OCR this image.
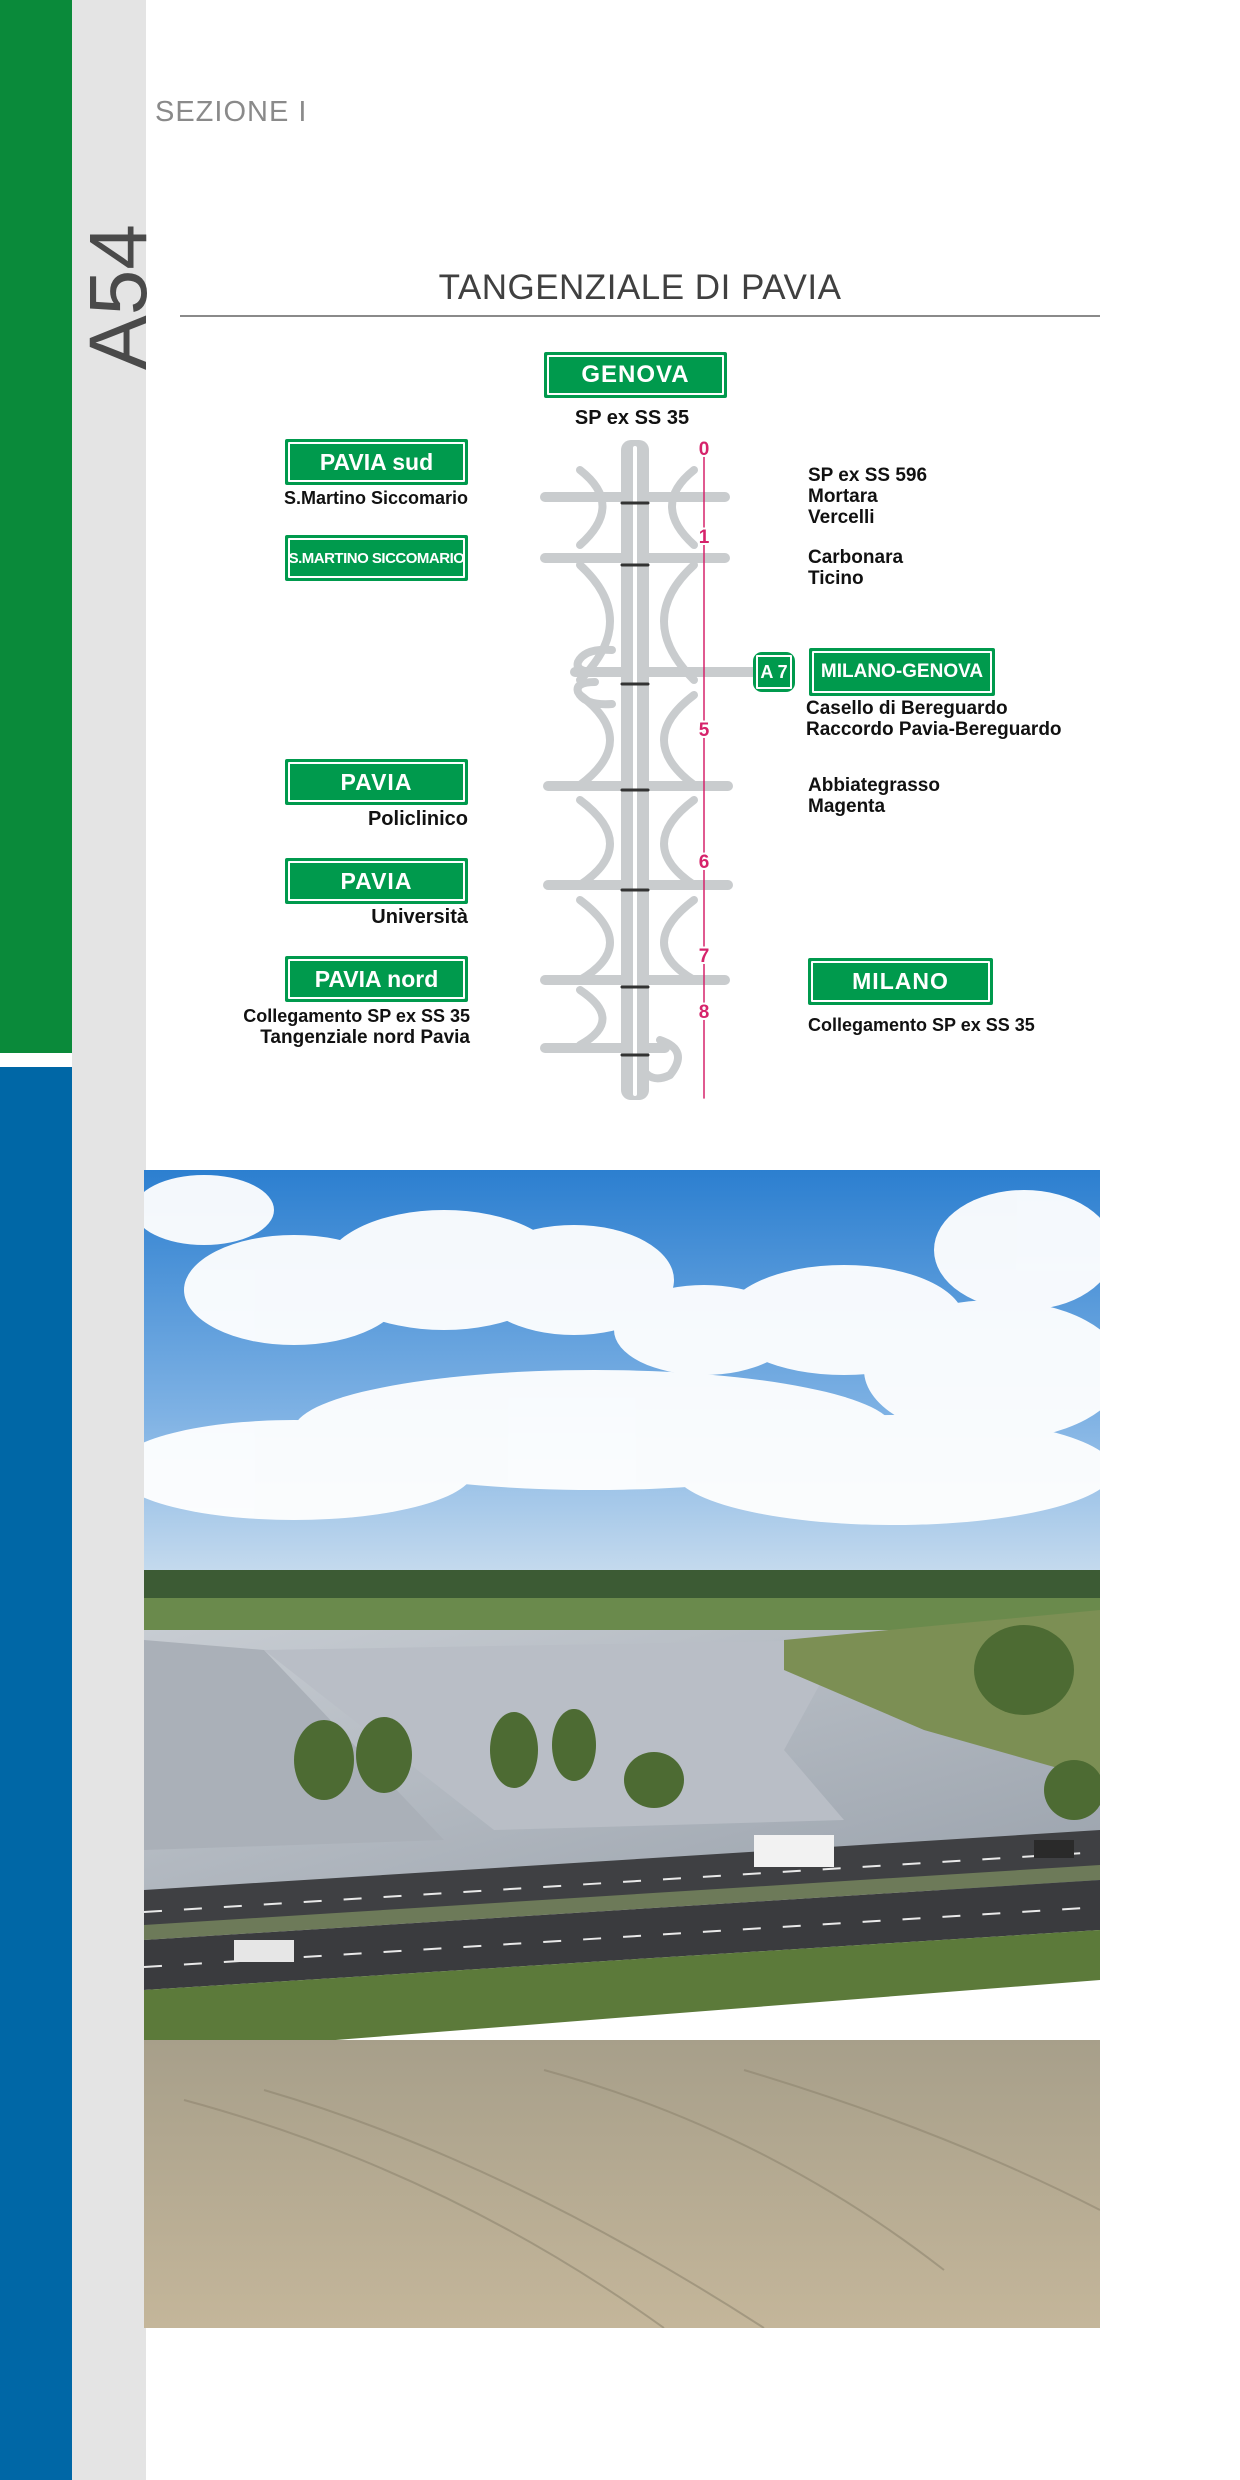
SEZIONE I
A54	TANGENZIALE DI PAVIA
0
1
5
6
7
8
GENOVA
SP ex SS 35
PAVIA sud
S.Martino Siccomario
S.MARTINO SICCOMARIO
SP ex SS 596
Mortara
Vercelli
Carbonara
Ticino
A 7 MILANO-GENOVA
Casello di Bereguardo
Raccordo Pavia-Bereguardo
PAVIA
Policlinico
Abbiategrasso
Magenta
PAVIA
Università
PAVIA nord
Collegamento SP ex SS 35
Tangenziale nord Pavia
MILANO
Collegamento SP ex SS 35
